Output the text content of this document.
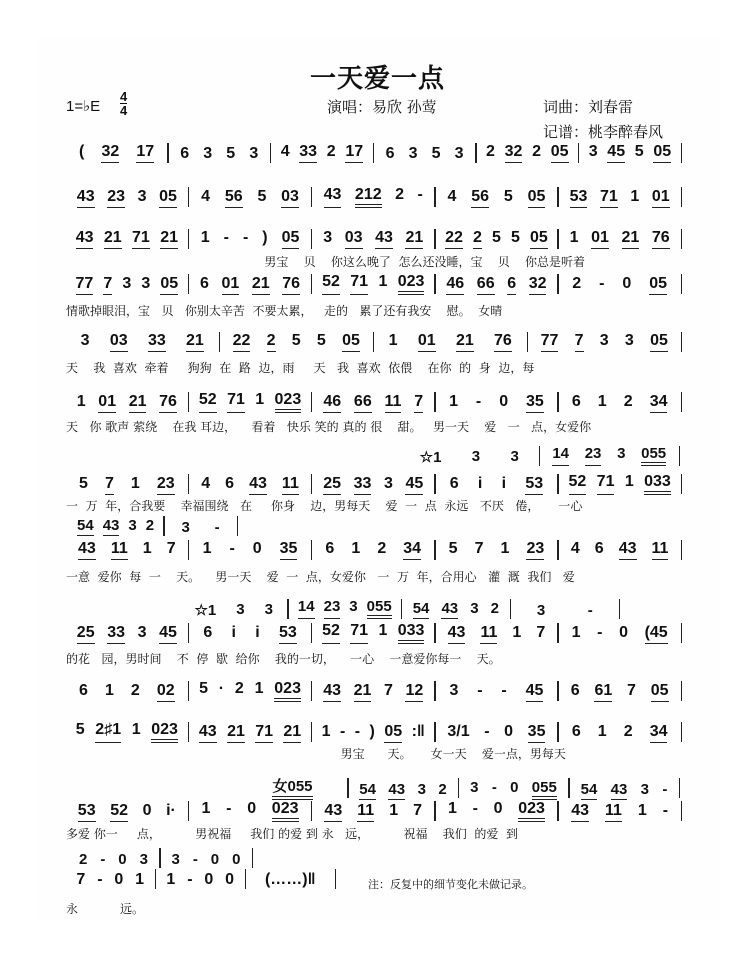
一天爱一点
1=♭E $\frac{4}{4}$	演唱：易欣 孙莺	词曲：刘春雷
记谱：桃李醉春风
( 32 17 6 3 5 3 4 33 2 17 6 3 5 3 2 32 2 05 3 45 5 05
43 23 3 05 4 56 5 03 43 212 2 - 4 56 5 05 53 71 1 01
43 21 71 21 1 - - ) 05 3 03 43 21 22 2 5 5 05 1 01 21 76
男宝    贝    你这么晚了  怎么还没睡，宝    贝    你总是听着
77 7 3 3 05 6 01 21 76 52 71 1 023 46 66 6 32 2 - 0 05
情歌掉眼泪，宝   贝   你别太辛苦  不要太累，   走的   累了还有我安    慰。  女晴
3 03 33 21 22 2 5 5 05 1 01 21 76 77 7 3 3 05
天    我  喜欢  牵着     狗狗  在  路  边，雨     天   我  喜欢  依偎    在你  的  身  边，每
1 01 21 76 52 71 1 023 46 66 11 7 1 - 0 35 6 1 2 34
天   你 歌声 萦绕    在我 耳边，    看着   快乐 笑的 真的 很    甜。   男一天    爱   一   点，女爱你
5 7 1 23 4 6 43 11 25 33 3 45 6 i i 53 52 71 1 033
☆1 3 3 14 23 3 055
一  万  年，合我要    幸福围绕   在     你身    边，男每天    爱  一  点  永远   不厌   倦，     一心
43 11 1 7 1 - 0 35 6 1 2 34 5 7 1 23 4 6 43 11
54 43 3 2 3 -
一意  爱你  每  一    天。    男一天    爱  一  点，女爱你   一  万  年，合用心   灌  溉  我们   爱
25 33 3 45 6 i i 53 52 71 1 033 43 11 1 7 1 - 0 (45
☆1 3 3 14 23 3 055 54 43 3 2	3	-
的花   园，男时间    不  停  歇  给你    我的一切，    一心    一意爱你每一    天。
6 1 2 02 5 · 2 1 023 43 21 7 12 3 - - 45 6 61 7 05
5 2♯1 1 023 43 21 71 21 1 - - ) 05 :‖ 3/1 - 0 35 6 1 2 34
男宝      天。     女一天    爱一点，男每天
53 52 0 i· 1 - 0 023 43 11 1 7 1 - 0 023 43 11 1 -
女055	54 43 3 2 3 - 0 055 54 43 3 -
多爱 你一     点，         男祝福     我们 的爱 到 永   远，         祝福    我们  的爱  到
7 - 0 1 1 - 0 0 (……)‖
2 - 0 3 3 - 0 0
永           远。
注：反复中的细节变化未做记录。
